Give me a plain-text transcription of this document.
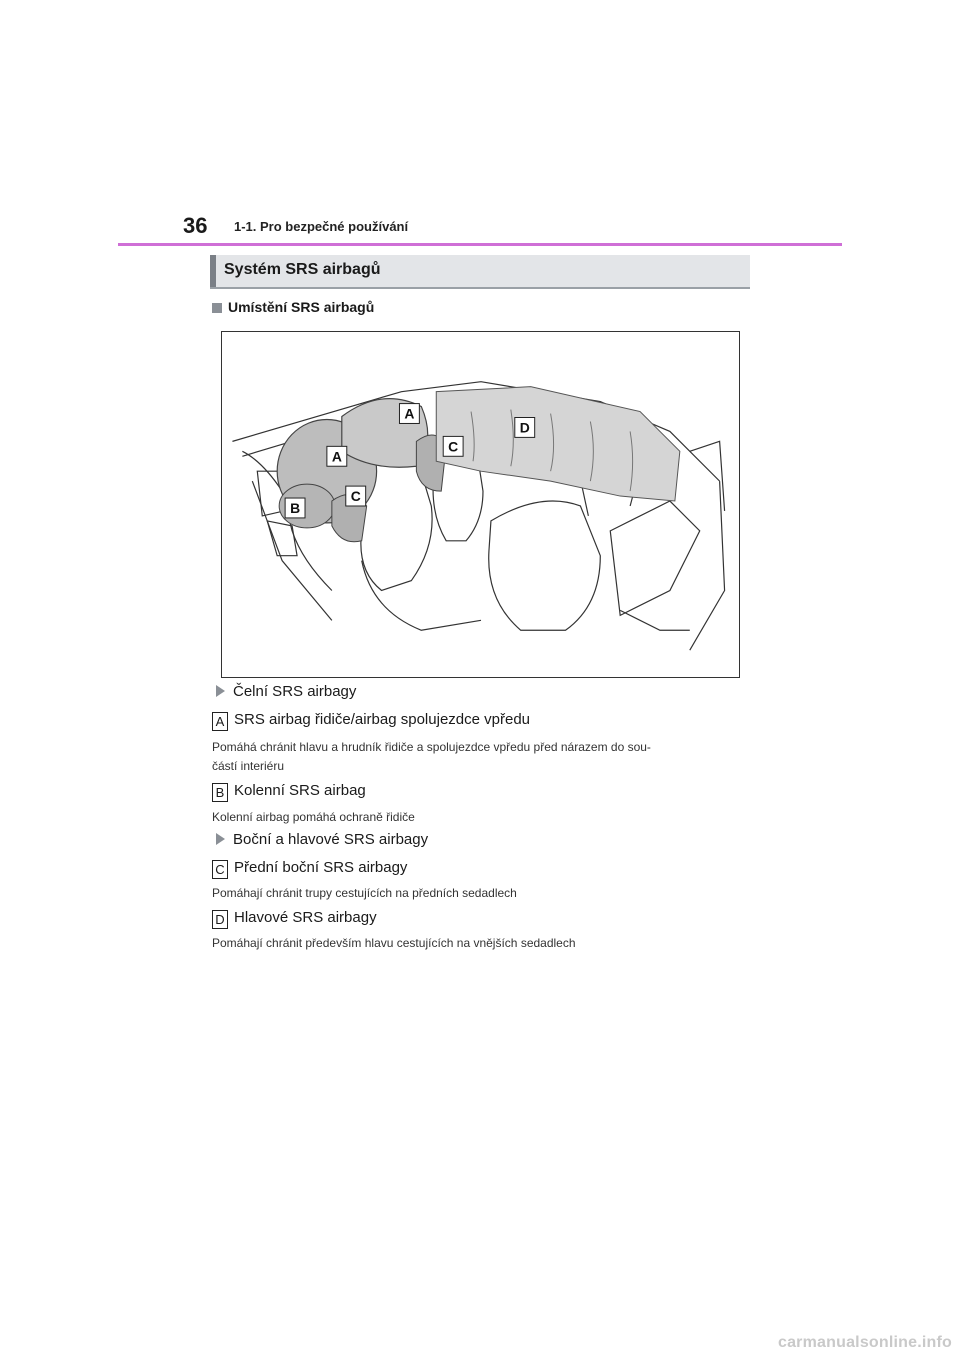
36 1-1. Pro bezpečné používání
Systém SRS airbagů
Umístění SRS airbagů
A
A
B
C
C
D
Čelní SRS airbagy
A SRS airbag řidiče/airbag spolujezdce vpředu
Pomáhá chránit hlavu a hrudník řidiče a spolujezdce vpředu před nárazem do sou-
částí interiéru
B Kolenní SRS airbag
Kolenní airbag pomáhá ochraně řidiče
Boční a hlavové SRS airbagy
C Přední boční SRS airbagy
Pomáhají chránit trupy cestujících na předních sedadlech
D Hlavové SRS airbagy
Pomáhají chránit především hlavu cestujících na vnějších sedadlech
carmanualsonline.info
